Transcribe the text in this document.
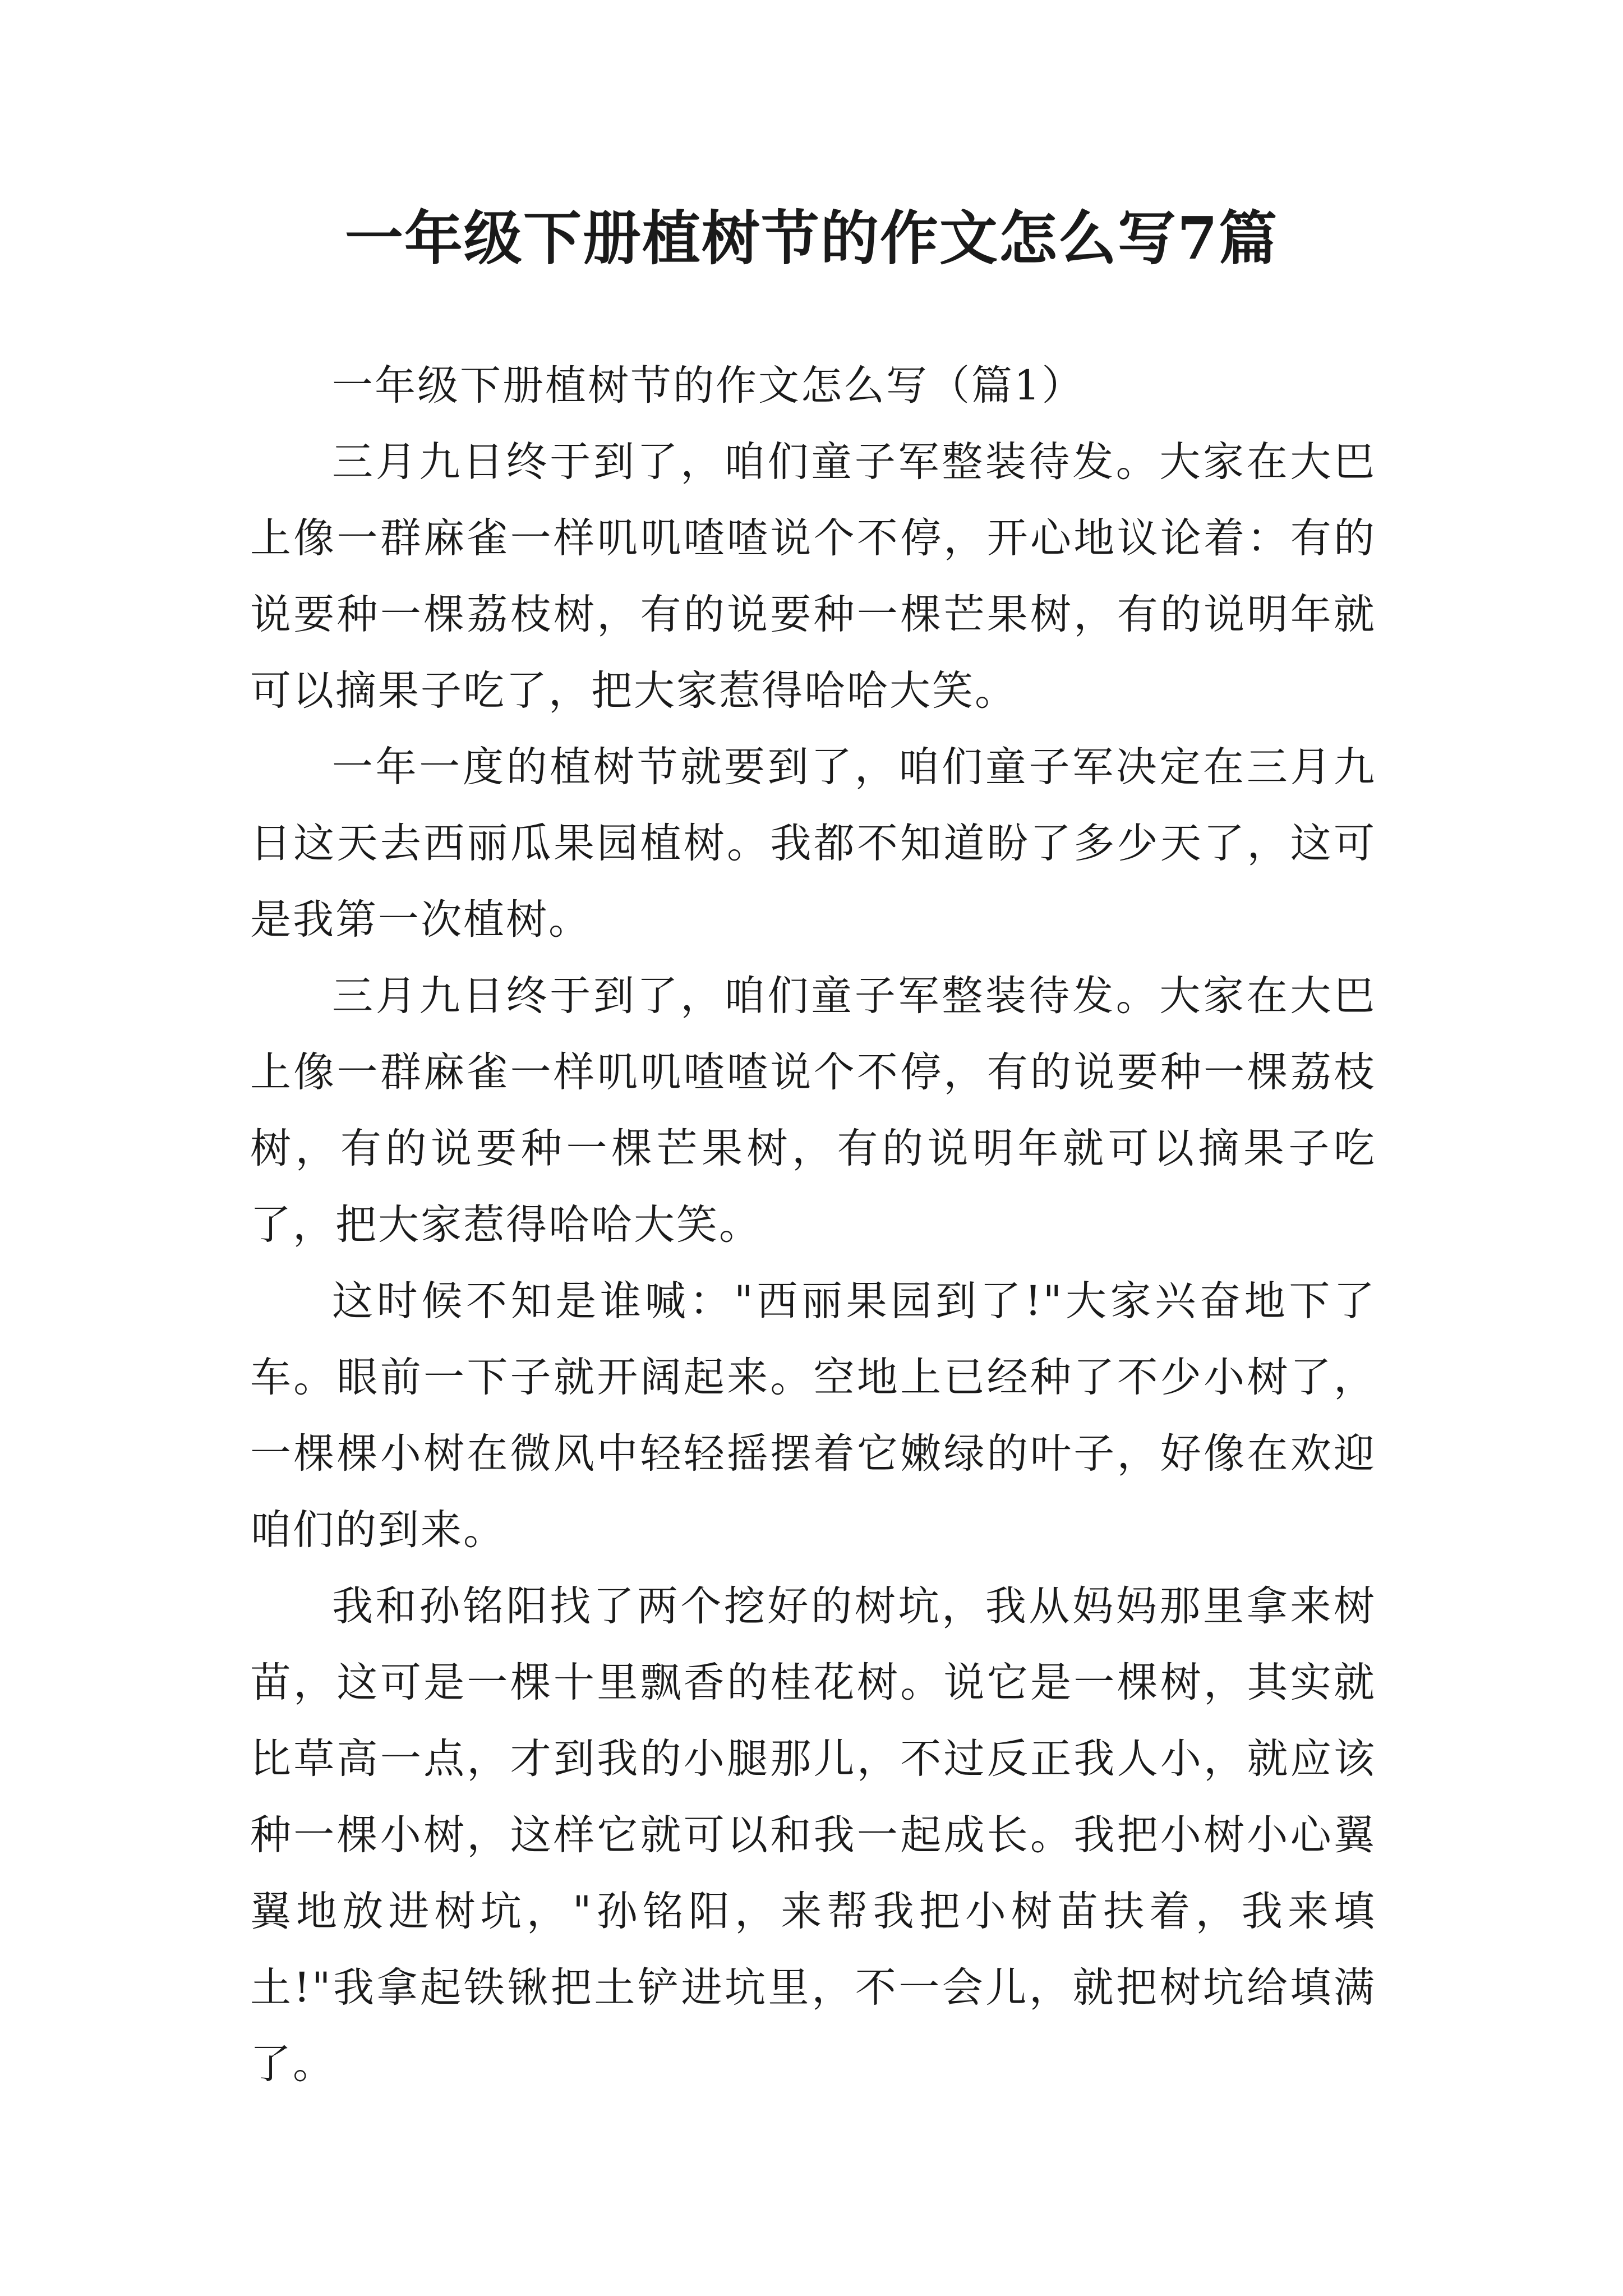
一年级下册植树节的作文怎么写7篇

一年级下册植树节的作文怎么写（篇1）

三月九日终于到了，咱们童子军整装待发。大家在大巴上像一群麻雀一样叽叽喳喳说个不停，开心地议论着：有的说要种一棵荔枝树，有的说要种一棵芒果树，有的说明年就可以摘果子吃了，把大家惹得哈哈大笑。

一年一度的植树节就要到了，咱们童子军决定在三月九日这天去西丽瓜果园植树。我都不知道盼了多少天了，这可是我第一次植树。

三月九日终于到了，咱们童子军整装待发。大家在大巴上像一群麻雀一样叽叽喳喳说个不停，有的说要种一棵荔枝树，有的说要种一棵芒果树，有的说明年就可以摘果子吃了，把大家惹得哈哈大笑。

这时候不知是谁喊："西丽果园到了!"大家兴奋地下了车。眼前一下子就开阔起来。空地上已经种了不少小树了，一棵棵小树在微风中轻轻摇摆着它嫩绿的叶子，好像在欢迎咱们的到来。

我和孙铭阳找了两个挖好的树坑，我从妈妈那里拿来树苗，这可是一棵十里飘香的桂花树。说它是一棵树，其实就比草高一点，才到我的小腿那儿，不过反正我人小，就应该种一棵小树，这样它就可以和我一起成长。我把小树小心翼翼地放进树坑，"孙铭阳，来帮我把小树苗扶着，我来填土!"我拿起铁锹把土铲进坑里，不一会儿，就把树坑给填满了。
